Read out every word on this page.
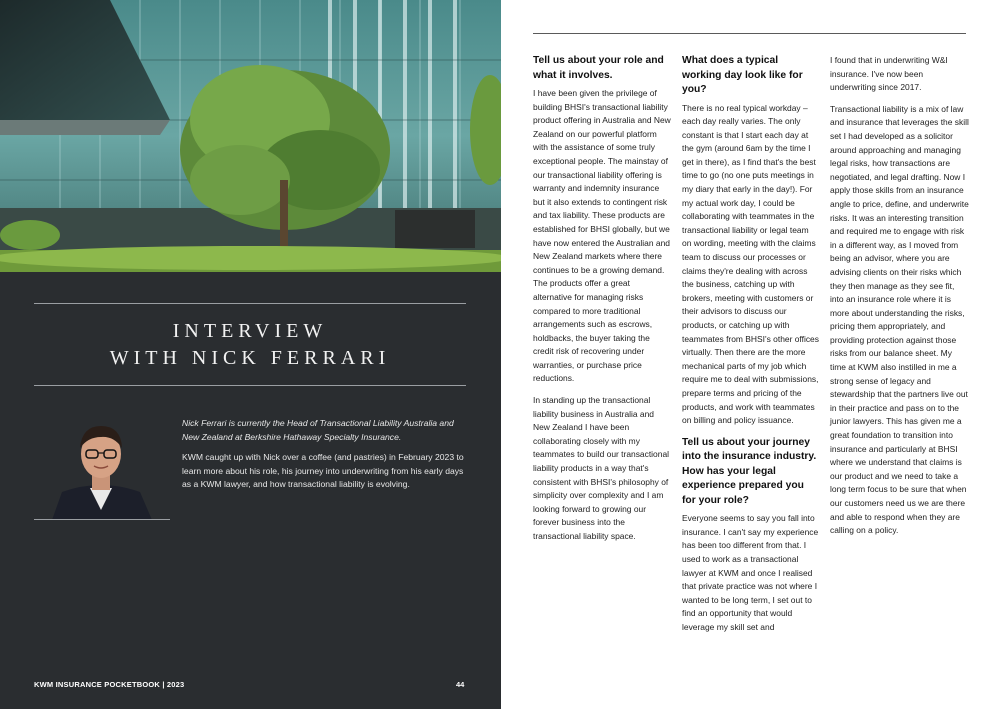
INTERVIEW
WITH NICK FERRARI
Nick Ferrari is currently the Head of Transactional Liability Australia and New Zealand at Berkshire Hathaway Specialty Insurance.
KWM caught up with Nick over a coffee (and pastries) in February 2023 to learn more about his role, his journey into underwriting from his early days as a KWM lawyer, and how transactional liability is evolving.
KWM INSURANCE POCKETBOOK | 2023	44
Tell us about your role and what it involves.

I have been given the privilege of building BHSI's transactional liability product offering in Australia and New Zealand on our powerful platform with the assistance of some truly exceptional people. The mainstay of our transactional liability offering is warranty and indemnity insurance but it also extends to contingent risk and tax liability. These products are established for BHSI globally, but we have now entered the Australian and New Zealand markets where there continues to be a growing demand. The products offer a great alternative for managing risks compared to more traditional arrangements such as escrows, holdbacks, the buyer taking the credit risk of recovering under warranties, or purchase price reductions.

In standing up the transactional liability business in Australia and New Zealand I have been collaborating closely with my teammates to build our transactional liability products in a way that's consistent with BHSI's philosophy of simplicity over complexity and I am looking forward to growing our forever business into the transactional liability space.

What does a typical working day look like for you?

There is no real typical workday – each day really varies. The only constant is that I start each day at the gym (around 6am by the time I get in there), as I find that's the best time to go (no one puts meetings in my diary that early in the day!). For my actual work day, I could be collaborating with teammates in the transactional liability or legal team on wording, meeting with the claims team to discuss our processes or claims they're dealing with across the business, catching up with brokers, meeting with customers or their advisors to discuss our products, or catching up with teammates from BHSI's other offices virtually. Then there are the more mechanical parts of my job which require me to deal with submissions, prepare terms and pricing of the products, and work with teammates on billing and policy issuance.

Tell us about your journey into the insurance industry. How has your legal experience prepared you for your role?

Everyone seems to say you fall into insurance. I can't say my experience has been too different from that. I used to work as a transactional lawyer at KWM and once I realised that private practice was not where I wanted to be long term, I set out to find an opportunity that would leverage my skill set and

I found that in underwriting W&I insurance. I've now been underwriting since 2017.

Transactional liability is a mix of law and insurance that leverages the skill set I had developed as a solicitor around approaching and managing legal risks, how transactions are negotiated, and legal drafting. Now I apply those skills from an insurance angle to price, define, and underwrite risks. It was an interesting transition and required me to engage with risk in a different way, as I moved from being an advisor, where you are advising clients on their risks which they then manage as they see fit, into an insurance role where it is more about understanding the risks, pricing them appropriately, and providing protection against those risks from our balance sheet. My time at KWM also instilled in me a strong sense of legacy and stewardship that the partners live out in their practice and pass on to the junior lawyers. This has given me a great foundation to transition into insurance and particularly at BHSI where we understand that claims is our product and we need to take a long term focus to be sure that when our customers need us we are there and able to respond when they are calling on a policy.
